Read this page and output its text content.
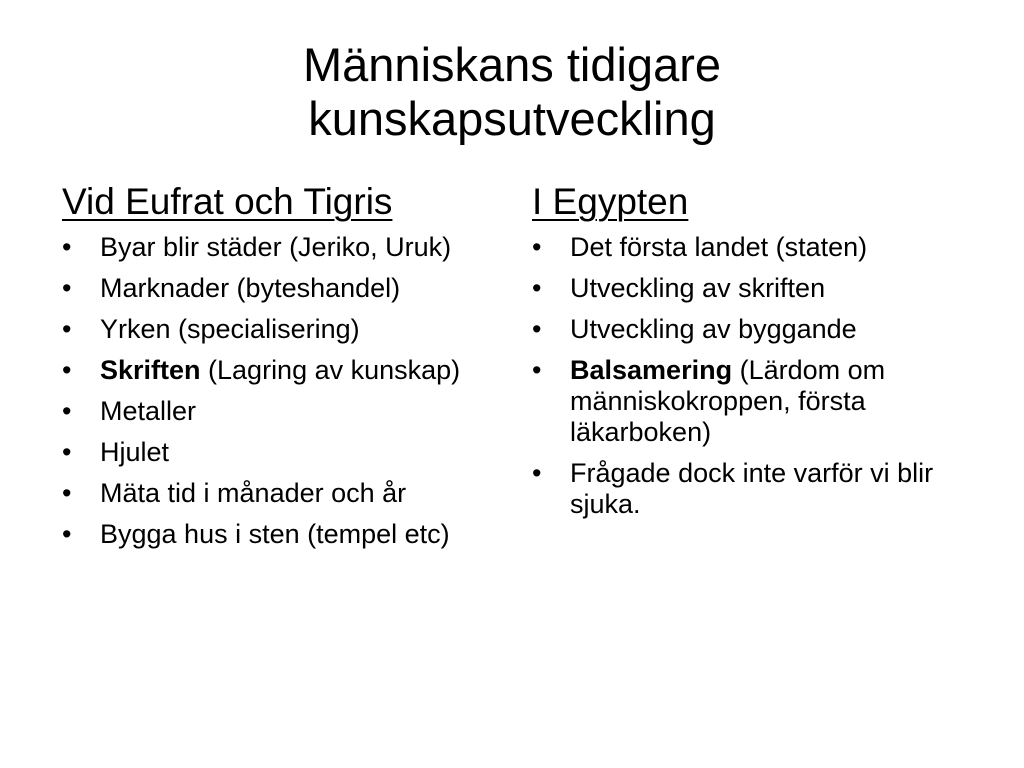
Människans tidigare
kunskapsutveckling
Vid Eufrat och Tigris
• Byar blir städer (Jeriko, Uruk)
• Marknader (byteshandel)
• Yrken (specialisering)
• Skriften (Lagring av kunskap)
• Metaller
• Hjulet
• Mäta tid i månader och år
• Bygga hus i sten (tempel etc)
I Egypten
• Det första landet (staten)
• Utveckling av skriften
• Utveckling av byggande
• Balsamering (Lärdom om människokroppen, första läkarboken)
• Frågade dock inte varför vi blir sjuka.
